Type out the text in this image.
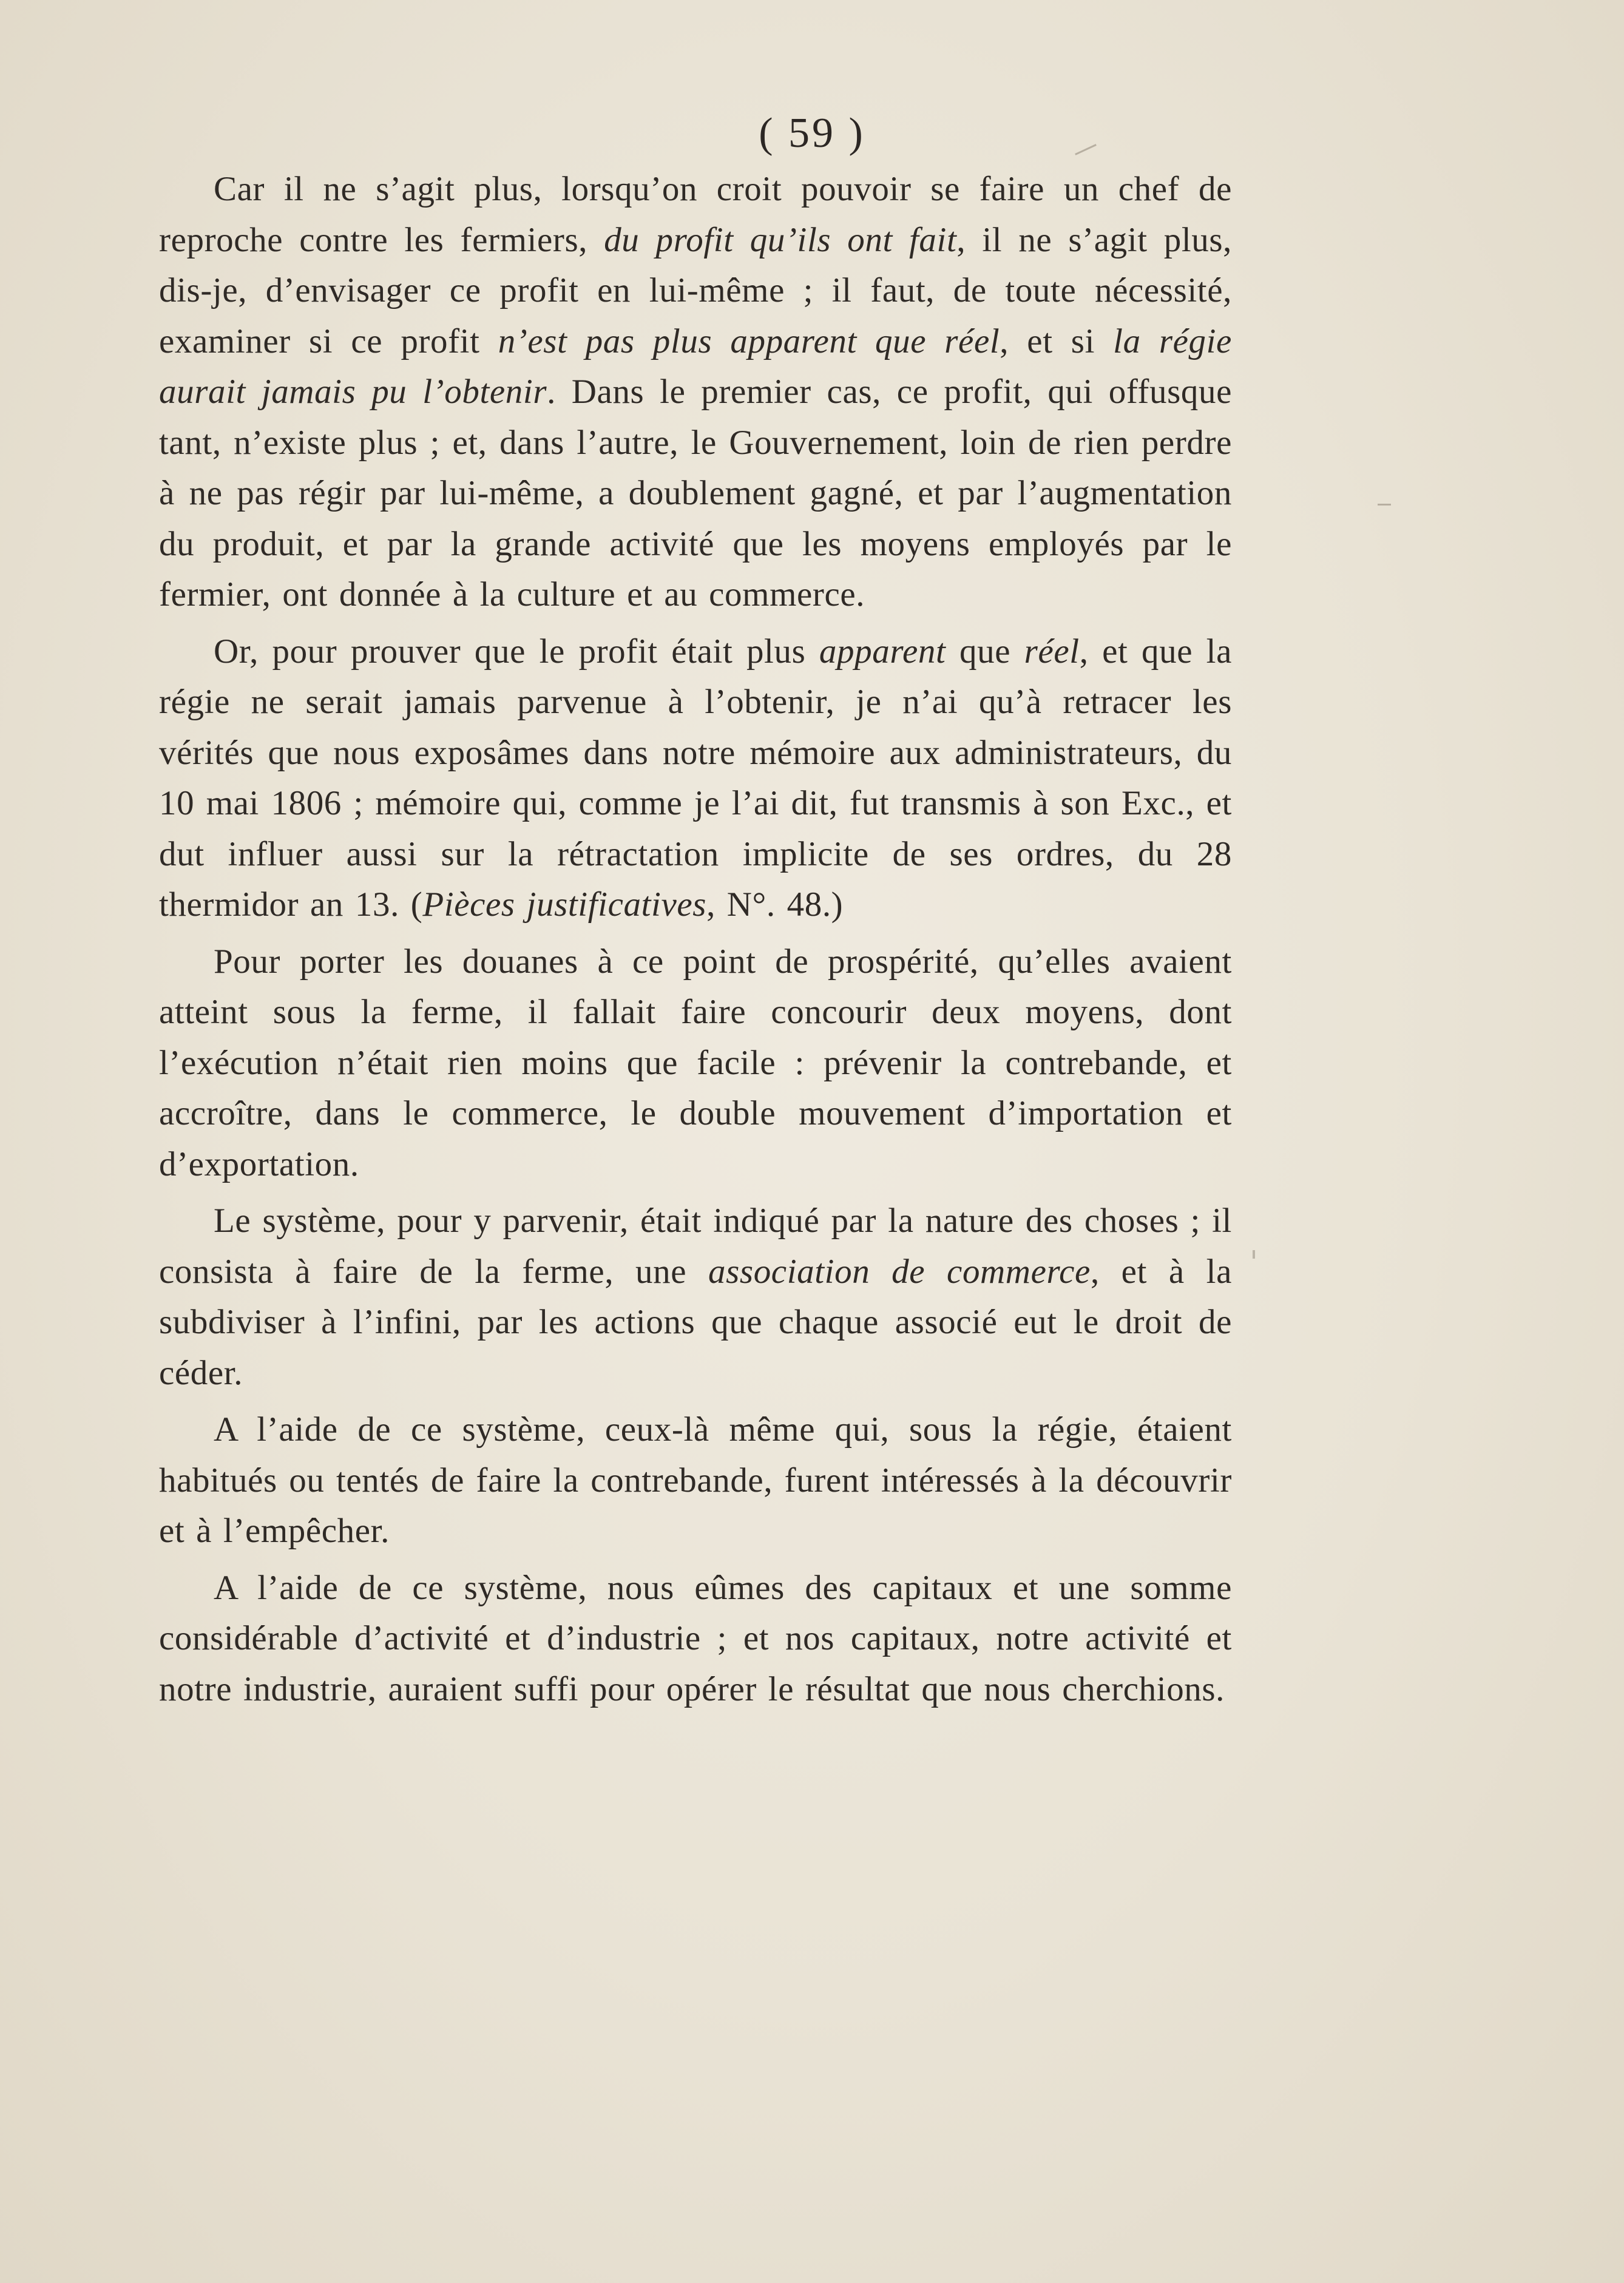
( 59 )

Car il ne s’agit plus, lorsqu’on croit pouvoir se faire un chef de reproche contre les fermiers, du profit qu’ils ont fait, il ne s’agit plus, dis-je, d’envisager ce profit en lui-même ; il faut, de toute nécessité, examiner si ce profit n’est pas plus apparent que réel, et si la régie aurait jamais pu l’obtenir. Dans le premier cas, ce profit, qui offusque tant, n’existe plus ; et, dans l’autre, le Gouvernement, loin de rien perdre à ne pas régir par lui-même, a doublement gagné, et par l’augmentation du produit, et par la grande activité que les moyens employés par le fermier, ont donnée à la culture et au commerce.

Or, pour prouver que le profit était plus apparent que réel, et que la régie ne serait jamais parvenue à l’obtenir, je n’ai qu’à retracer les vérités que nous exposâmes dans notre mémoire aux administrateurs, du 10 mai 1806 ; mémoire qui, comme je l’ai dit, fut transmis à son Exc., et dut influer aussi sur la rétractation implicite de ses ordres, du 28 thermidor an 13. (Pièces justificatives, N°. 48.)

Pour porter les douanes à ce point de prospérité, qu’elles avaient atteint sous la ferme, il fallait faire concourir deux moyens, dont l’exécution n’était rien moins que facile : prévenir la contrebande, et accroître, dans le commerce, le double mouvement d’importation et d’exportation.

Le système, pour y parvenir, était indiqué par la nature des choses ; il consista à faire de la ferme, une association de commerce, et à la subdiviser à l’infini, par les actions que chaque associé eut le droit de céder.

A l’aide de ce système, ceux-là même qui, sous la régie, étaient habitués ou tentés de faire la contrebande, furent intéressés à la découvrir et à l’empêcher.

A l’aide de ce système, nous eûmes des capitaux et une somme considérable d’activité et d’industrie ; et nos capitaux, notre activité et notre industrie, auraient suffi pour opérer le résultat que nous cherchions.
